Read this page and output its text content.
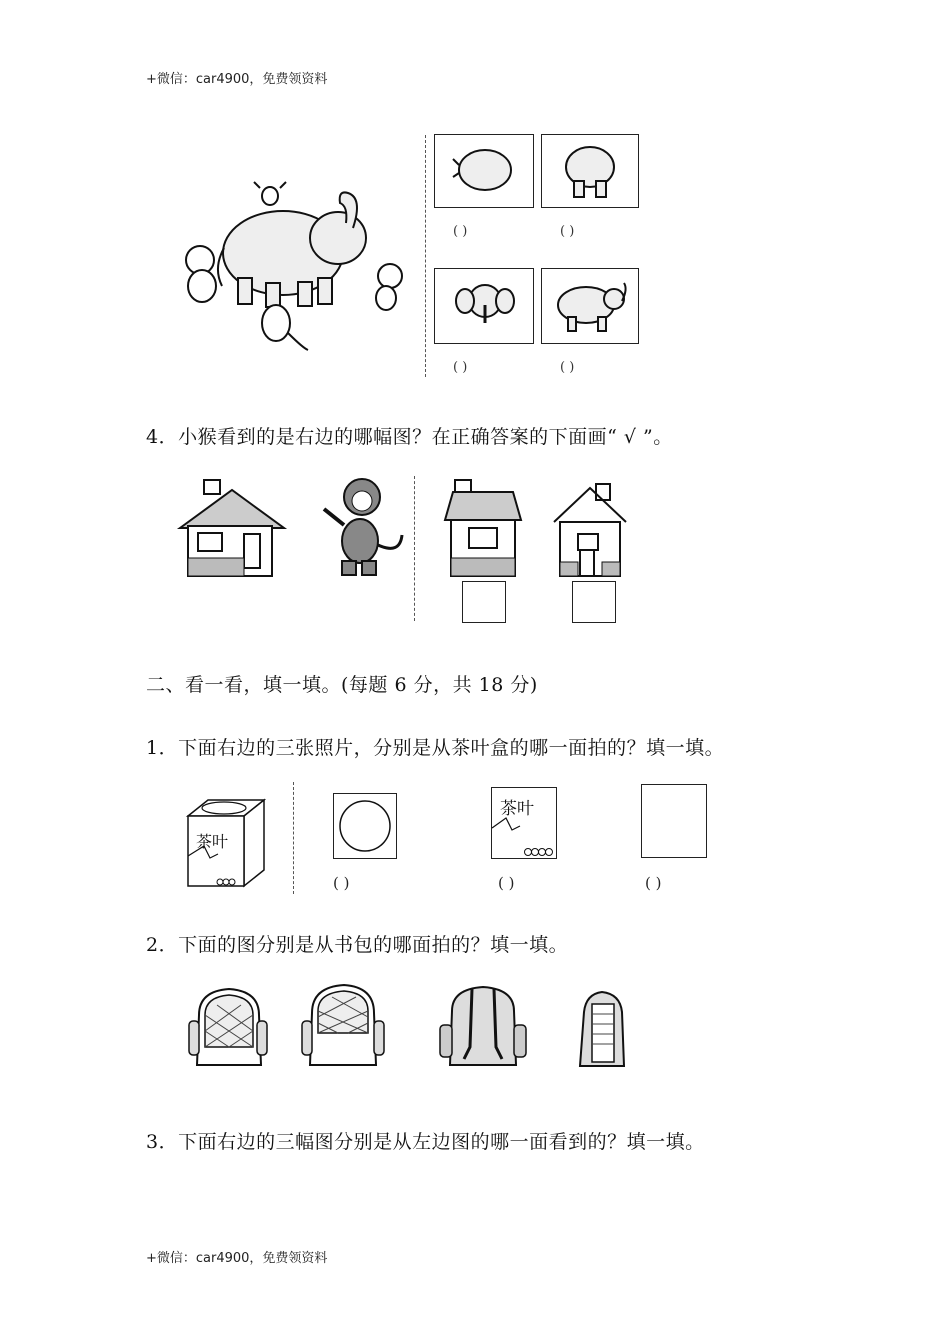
+微信：car4900，免费领资料
( )	( )
( )	( )
4．小猴看到的是右边的哪幅图？在正确答案的下面画“ √ ”。
二、看一看，填一填。(每题 6 分，共 18 分)
1．下面右边的三张照片，分别是从茶叶盒的哪一面拍的？填一填。
茶叶
( )
茶叶
( )	( )
2．下面的图分别是从书包的哪面拍的？填一填。
3．下面右边的三幅图分别是从左边图的哪一面看到的？填一填。
+微信：car4900，免费领资料
